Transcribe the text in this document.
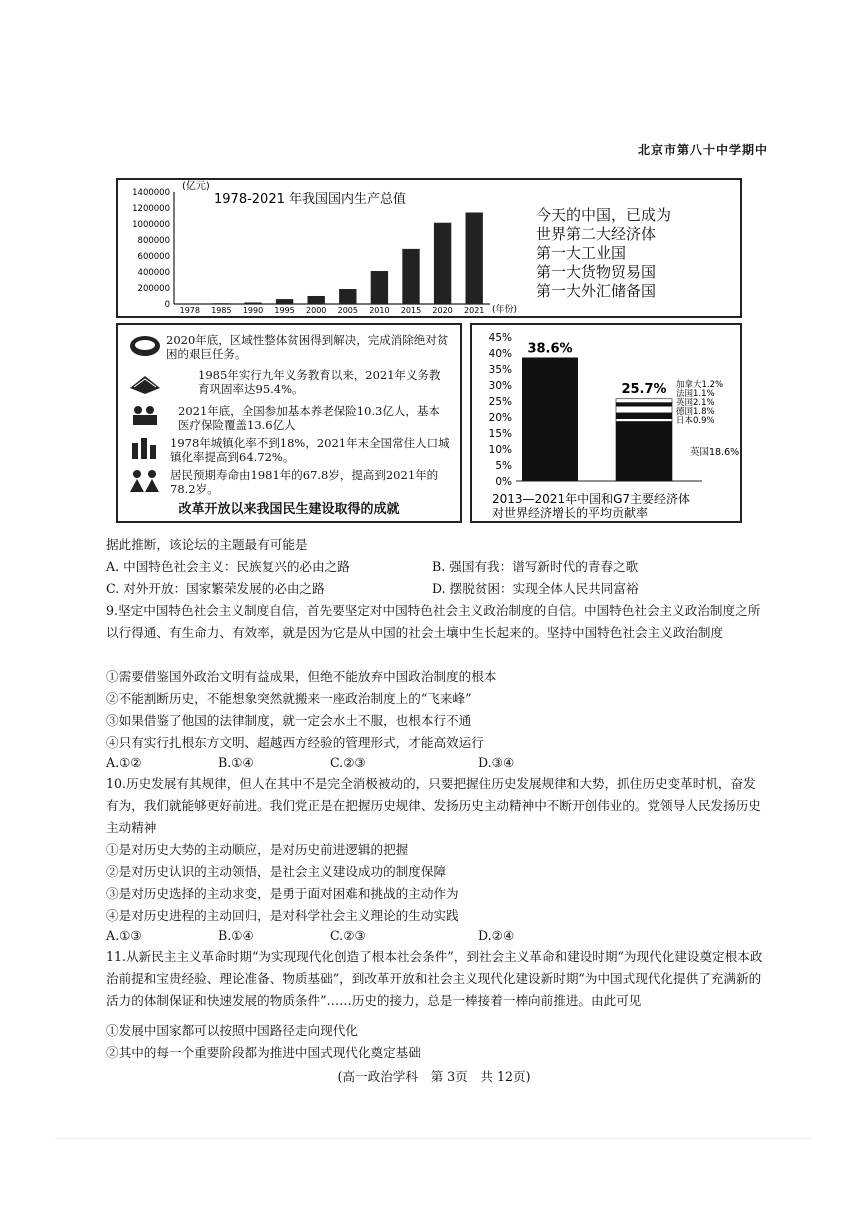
北京市第八十中学期中
(亿元)
1978-2021 年我国国内生产总值
(年份)
1400000
1200000
1000000
800000
600000
400000
200000
0
1978 1985 1990 1995 2000 2005 2010 2015 2020 2021
今天的中国，已成为
世界第二大经济体
第一大工业国
第一大货物贸易国
第一大外汇储备国
2020年底，区域性整体贫困得到解决，完成消除绝对贫困的艰巨任务。
1985年实行九年义务教育以来，2021年义务教育巩固率达95.4%。
2021年底，全国参加基本养老保险10.3亿人，基本医疗保险覆盖13.6亿人
1978年城镇化率不到18%，2021年末全国常住人口城镇化率提高到64.72%。
居民预期寿命由1981年的67.8岁，提高到2021年的78.2岁。
改革开放以来我国民生建设取得的成就
2013—2021年中国和G7主要经济体
对世界经济增长的平均贡献率
45%
40%
35%
30%
25%
20%
15%
10%
5%
0%
38.6%
25.7%
英国18.6%
日本0.9%
德国1.8%
英国2.1%
法国1.1%
加拿大1.2%
据此推断，该论坛的主题最有可能是
A. 中国特色社会主义：民族复兴的必由之路	B. 强国有我：谱写新时代的青春之歌
C. 对外开放：国家繁荣发展的必由之路	D. 摆脱贫困：实现全体人民共同富裕
9.坚定中国特色社会主义制度自信，首先要坚定对中国特色社会主义政治制度的自信。中国特色社会主义政治制度之所以行得通、有生命力、有效率，就是因为它是从中国的社会土壤中生长起来的。坚持中国特色社会主义政治制度
①需要借鉴国外政治文明有益成果，但绝不能放弃中国政治制度的根本
②不能割断历史，不能想象突然就搬来一座政治制度上的“飞来峰”
③如果借鉴了他国的法律制度，就一定会水土不服，也根本行不通
④只有实行扎根东方文明、超越西方经验的管理形式，才能高效运行
A.①②	B.①④	C.②③	D.③④
10.历史发展有其规律，但人在其中不是完全消极被动的，只要把握住历史发展规律和大势，抓住历史变革时机，奋发有为，我们就能够更好前进。我们党正是在把握历史规律、发扬历史主动精神中不断开创伟业的。党领导人民发扬历史主动精神
①是对历史大势的主动顺应，是对历史前进逻辑的把握
②是对历史认识的主动领悟，是社会主义建设成功的制度保障
③是对历史选择的主动求变，是勇于面对困难和挑战的主动作为
④是对历史进程的主动回归，是对科学社会主义理论的生动实践
A.①③	B.①④	C.②③	D.②④
11.从新民主主义革命时期“为实现现代化创造了根本社会条件”，到社会主义革命和建设时期“为现代化建设奠定根本政治前提和宝贵经验、理论准备、物质基础”，到改革开放和社会主义现代化建设新时期“为中国式现代化提供了充满新的活力的体制保证和快速发展的物质条件”……历史的接力，总是一棒接着一棒向前推进。由此可见
①发展中国家都可以按照中国路径走向现代化
②其中的每一个重要阶段都为推进中国式现代化奠定基础
(高一政治学科　第 3页　共 12页)
